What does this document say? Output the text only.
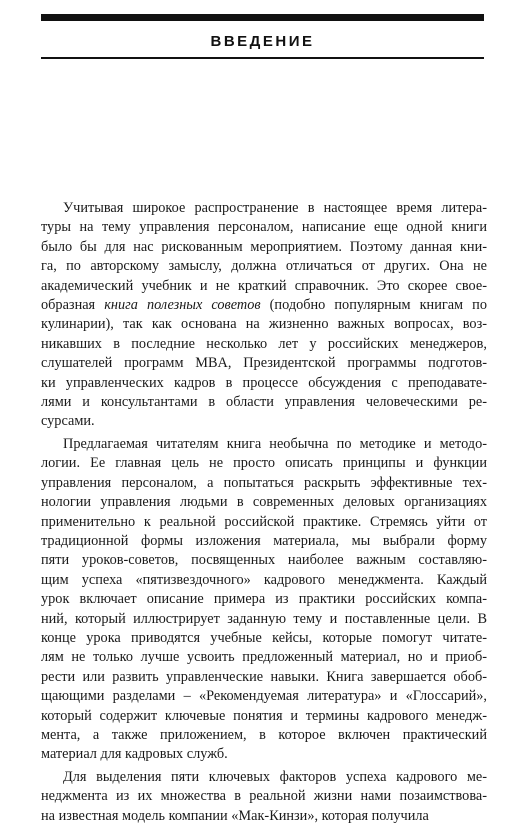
ВВЕДЕНИЕ

Учитывая широкое распространение в настоящее время литера-
туры на тему управления персоналом, написание еще одной книги
было бы для нас рискованным мероприятием. Поэтому данная кни-
га, по авторскому замыслу, должна отличаться от других. Она не
академический учебник и не краткий справочник. Это скорее свое-
образная книга полезных советов (подобно популярным книгам по
кулинарии), так как основана на жизненно важных вопросах, воз-
никавших в последние несколько лет у российских менеджеров,
слушателей программ MBA, Президентской программы подготов-
ки управленческих кадров в процессе обсуждения с преподавате-
лями и консультантами в области управления человеческими ре-
сурсами.

Предлагаемая читателям книга необычна по методике и методо-
логии. Ее главная цель не просто описать принципы и функции
управления персоналом, а попытаться раскрыть эффективные тех-
нологии управления людьми в современных деловых организациях
применительно к реальной российской практике. Стремясь уйти от
традиционной формы изложения материала, мы выбрали форму
пяти уроков-советов, посвященных наиболее важным составляю-
щим успеха «пятизвездочного» кадрового менеджмента. Каждый
урок включает описание примера из практики российских компа-
ний, который иллюстрирует заданную тему и поставленные цели. В
конце урока приводятся учебные кейсы, которые помогут читате-
лям не только лучше усвоить предложенный материал, но и приоб-
рести или развить управленческие навыки. Книга завершается обоб-
щающими разделами – «Рекомендуемая литература» и «Глоссарий»,
который содержит ключевые понятия и термины кадрового менедж-
мента, а также приложением, в которое включен практический
материал для кадровых служб.

Для выделения пяти ключевых факторов успеха кадрового ме-
неджмента из их множества в реальной жизни нами позаимствова-
на известная модель компании «Мак-Кинзи», которая получила
